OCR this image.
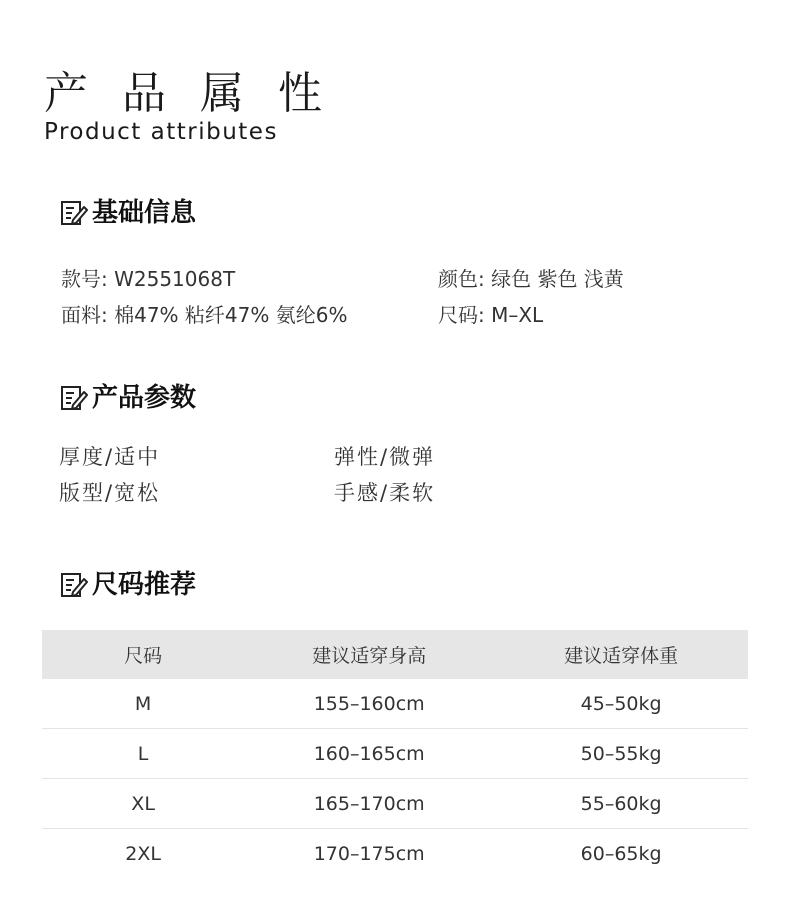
产 品 属 性
Product attributes
基础信息
款号: W2551068T	颜色: 绿色 紫色 浅黄
面料: 棉47% 粘纤47% 氨纶6%	尺码: M–XL
产品参数
厚度/适中	弹性/微弹
版型/宽松	手感/柔软
尺码推荐
尺码	建议适穿身高	建议适穿体重
M	155–160cm	45–50kg
L	160–165cm	50–55kg
XL	165–170cm	55–60kg
2XL	170–175cm	60–65kg
